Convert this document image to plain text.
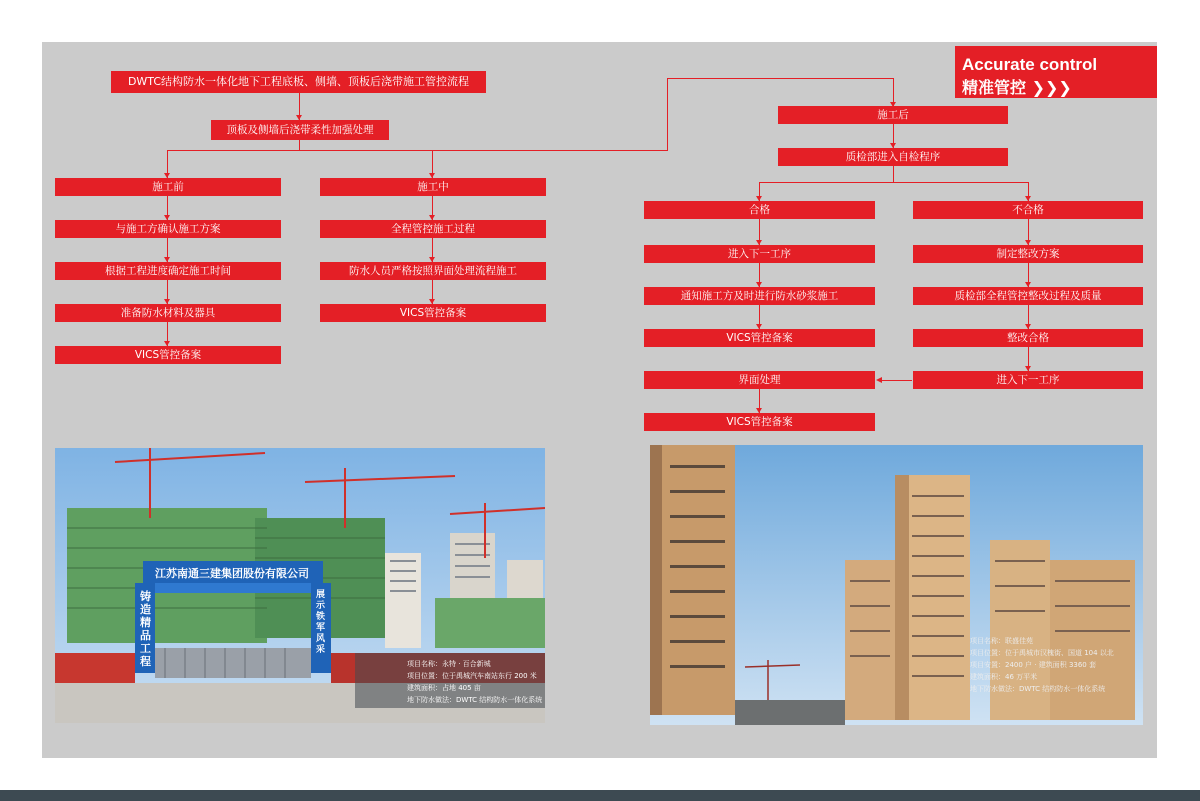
Accurate control
精准管控 ❯❯❯
DWTC结构防水一体化地下工程底板、侧墙、顶板后浇带施工管控流程
顶板及侧墙后浇带柔性加强处理
施工前
与施工方确认施工方案
根据工程进度确定施工时间
准备防水材料及器具
VICS管控备案
施工中
全程管控施工过程
防水人员严格按照界面处理流程施工
VICS管控备案
施工后
质检部进入自检程序
合格
进入下一工序
通知施工方及时进行防水砂浆施工
VICS管控备案
不合格
制定整改方案
质检部全程管控整改过程及质量
整改合格
进入下一工序
界面处理
VICS管控备案
江苏南通三建集团股份有限公司
铸造精品工程
展示铁军风采
项目名称：永特 · 百合新城
项目位置：位于禹城汽车南站东行 200 米
建筑面积：占地 405 亩
地下防水做法：DWTC 结构防水一体化系统
项目名称：联盛佳苑
项目位置：位于禹城市汉槐街、国道 104 以北
项目安置：2400 户 · 建筑面积 3360 套
建筑面积：46 万平米
地下防水做法：DWTC 结构防水一体化系统
